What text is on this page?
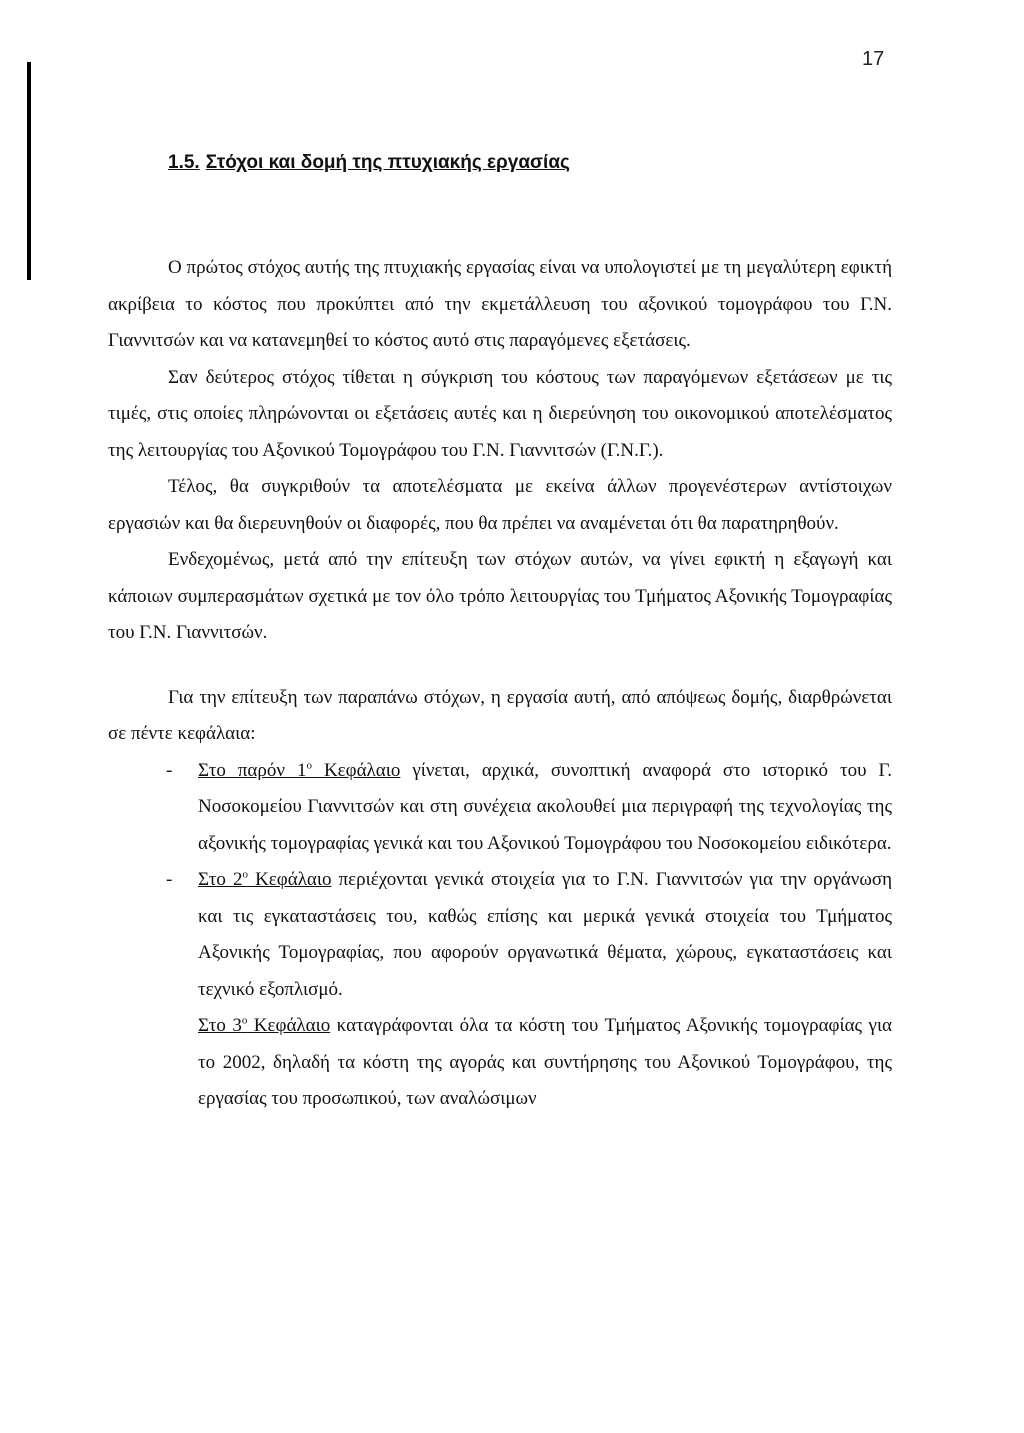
17
1.5. Στόχοι και δομή της πτυχιακής εργασίας

Ο πρώτος στόχος αυτής της πτυχιακής εργασίας είναι να υπολογιστεί με τη μεγαλύτερη εφικτή ακρίβεια το κόστος που προκύπτει από την εκμετάλλευση του αξονικού τομογράφου του Γ.Ν. Γιαννιτσών και να κατανεμηθεί το κόστος αυτό στις παραγόμενες εξετάσεις.

Σαν δεύτερος στόχος τίθεται η σύγκριση του κόστους των παραγόμενων εξετάσεων με τις τιμές, στις οποίες πληρώνονται οι εξετάσεις αυτές και η διερεύνηση του οικονομικού αποτελέσματος της λειτουργίας του Αξονικού Τομογράφου του Γ.Ν. Γιαννιτσών (Γ.Ν.Γ.).

Τέλος, θα συγκριθούν τα αποτελέσματα με εκείνα άλλων προγενέστερων αντίστοιχων εργασιών και θα διερευνηθούν οι διαφορές, που θα πρέπει να αναμένεται ότι θα παρατηρηθούν.

Ενδεχομένως, μετά από την επίτευξη των στόχων αυτών, να γίνει εφικτή η εξαγωγή και κάποιων συμπερασμάτων σχετικά με τον όλο τρόπο λειτουργίας του Τμήματος Αξονικής Τομογραφίας του Γ.Ν. Γιαννιτσών.

Για την επίτευξη των παραπάνω στόχων, η εργασία αυτή, από απόψεως δομής, διαρθρώνεται σε πέντε κεφάλαια:

-	Στο παρόν $1^o$ Κεφάλαιο γίνεται, αρχικά, συνοπτική αναφορά στο ιστορικό του Γ. Νοσοκομείου Γιαννιτσών και στη συνέχεια ακολουθεί μια περιγραφή της τεχνολογίας της αξονικής τομογραφίας γενικά και του Αξονικού Τομογράφου του Νοσοκομείου ειδικότερα.
-	Στο $2^o$ Κεφάλαιο περιέχονται γενικά στοιχεία για το Γ.Ν. Γιαννιτσών για την οργάνωση και τις εγκαταστάσεις του, καθώς επίσης και μερικά γενικά στοιχεία του Τμήματος Αξονικής Τομογραφίας, που αφορούν οργανωτικά θέματα, χώρους, εγκαταστάσεις και τεχνικό εξοπλισμό.
Στο $3^o$ Κεφάλαιο καταγράφονται όλα τα κόστη του Τμήματος Αξονικής τομογραφίας για το 2002, δηλαδή τα κόστη της αγοράς και συντήρησης του Αξονικού Τομογράφου, της εργασίας του προσωπικού, των αναλώσιμων
